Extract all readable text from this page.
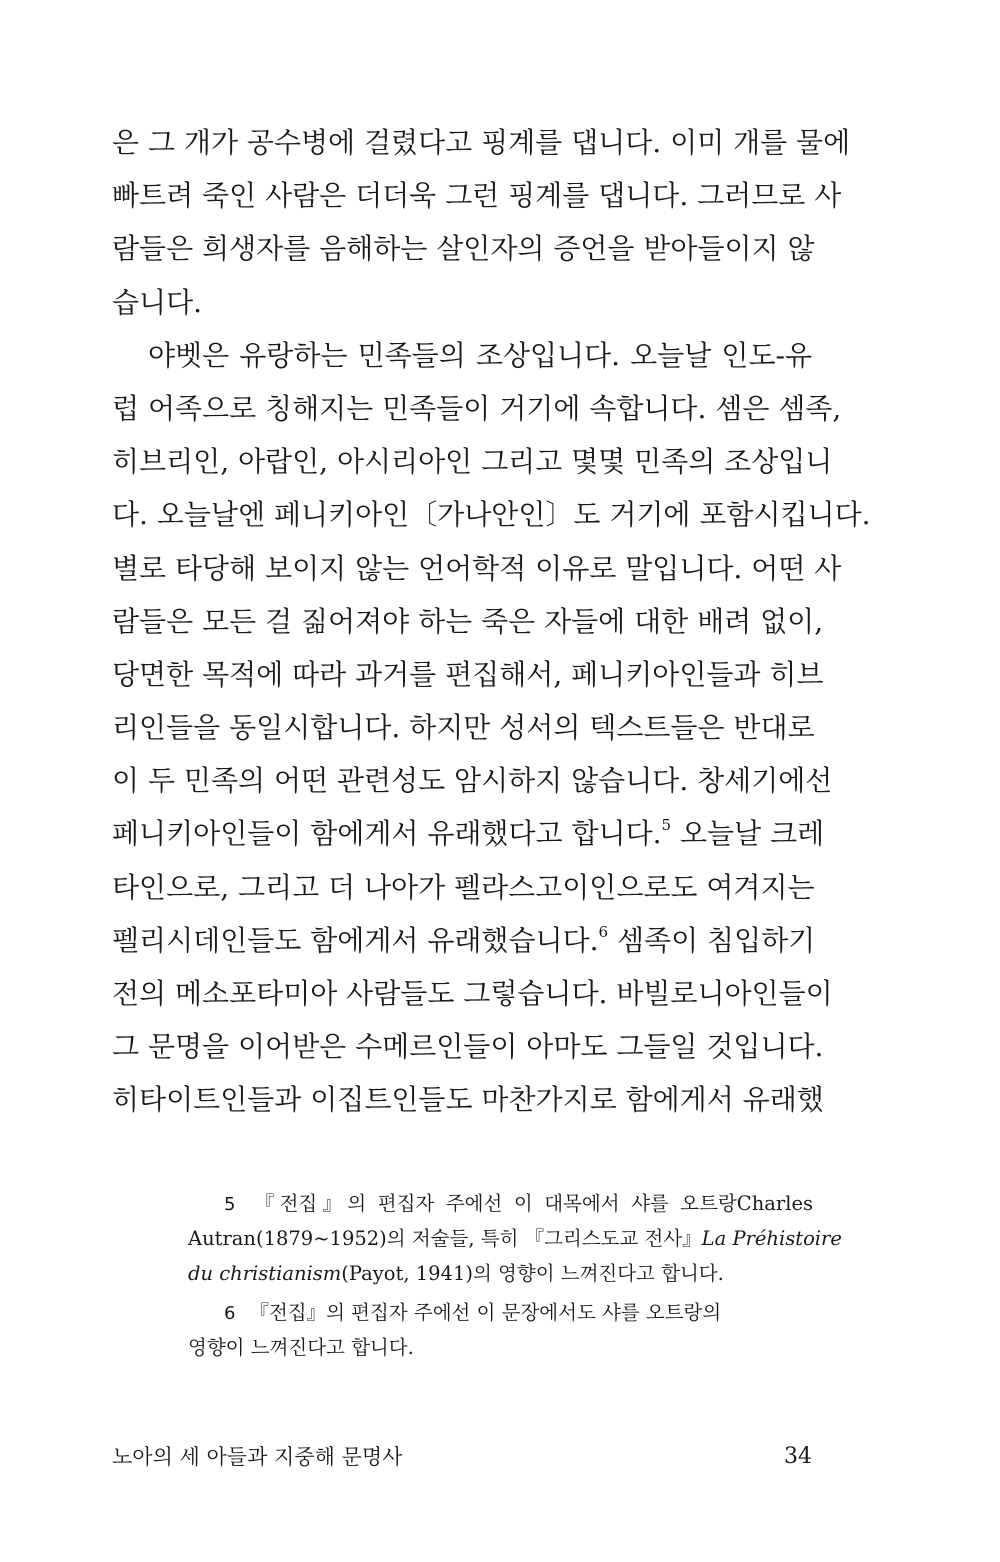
은 그 개가 공수병에 걸렸다고 핑계를 댑니다. 이미 개를 물에
빠트려 죽인 사람은 더더욱 그런 핑계를 댑니다. 그러므로 사
람들은 희생자를 음해하는 살인자의 증언을 받아들이지 않
습니다.
야벳은 유랑하는 민족들의 조상입니다. 오늘날 인도-유
럽 어족으로 칭해지는 민족들이 거기에 속합니다. 셈은 셈족,
히브리인, 아랍인, 아시리아인 그리고 몇몇 민족의 조상입니
다. 오늘날엔 페니키아인〔가나안인〕도 거기에 포함시킵니다.
별로 타당해 보이지 않는 언어학적 이유로 말입니다. 어떤 사
람들은 모든 걸 짊어져야 하는 죽은 자들에 대한 배려 없이,
당면한 목적에 따라 과거를 편집해서, 페니키아인들과 히브
리인들을 동일시합니다. 하지만 성서의 텍스트들은 반대로
이 두 민족의 어떤 관련성도 암시하지 않습니다. 창세기에선
페니키아인들이 함에게서 유래했다고 합니다.$^5$ 오늘날 크레
타인으로, 그리고 더 나아가 펠라스고이인으로도 여겨지는
펠리시데인들도 함에게서 유래했습니다.$^6$ 셈족이 침입하기
전의 메소포타미아 사람들도 그렇습니다. 바빌로니아인들이
그 문명을 이어받은 수메르인들이 아마도 그들일 것입니다.
히타이트인들과 이집트인들도 마찬가지로 함에게서 유래했
5 『전집』의 편집자 주에선 이 대목에서 샤를 오트랑Charles
Autran(1879~1952)의 저술들, 특히 『그리스도교 전사』La Préhistoire
du christianism(Payot, 1941)의 영향이 느껴진다고 합니다.
6 『전집』의 편집자 주에선 이 문장에서도 샤를 오트랑의
영향이 느껴진다고 합니다.
노아의 세 아들과 지중해 문명사	34
